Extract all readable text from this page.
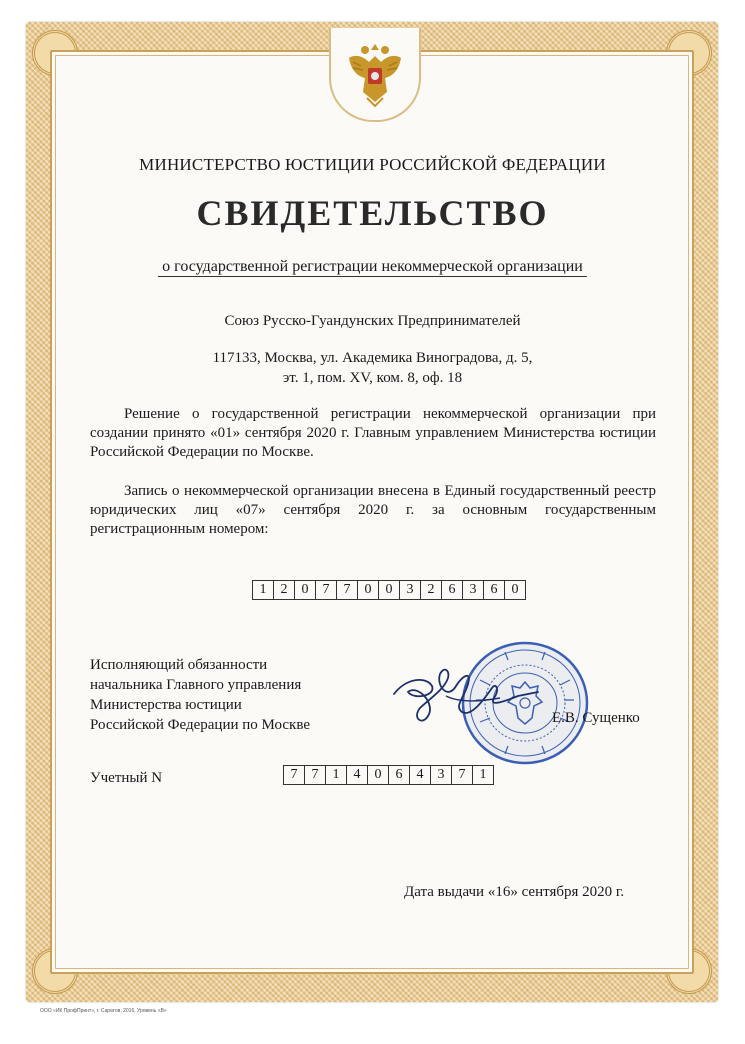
МИНИСТЕРСТВО ЮСТИЦИИ РОССИЙСКОЙ ФЕДЕРАЦИИ
СВИДЕТЕЛЬСТВО
о государственной регистрации некоммерческой организации
Союз Русско-Гуандунских Предпринимателей
117133, Москва, ул. Академика Виноградова, д. 5,
эт. 1, пом. XV, ком. 8, оф. 18
Решение о государственной регистрации некоммерческой организации при создании принято «01» сентября 2020 г. Главным управлением Министерства юстиции Российской Федерации по Москве.
Запись о некоммерческой организации внесена в Единый государственный реестр юридических лиц «07» сентября 2020 г. за основным государственным регистрационным номером:
1	2	0	7	7	0	0	3	2	6	3	6	0
Исполняющий обязанности
начальника Главного управления
Министерства юстиции
Российской Федерации по Москве	Е.В. Сущенко
Учетный N	7	7	1	4	0	6	4	3	7	1
Дата выдачи «16» сентября 2020 г.
ООО «ИК ПрофПринт», г. Саратов, 2016, Уровень «В»
